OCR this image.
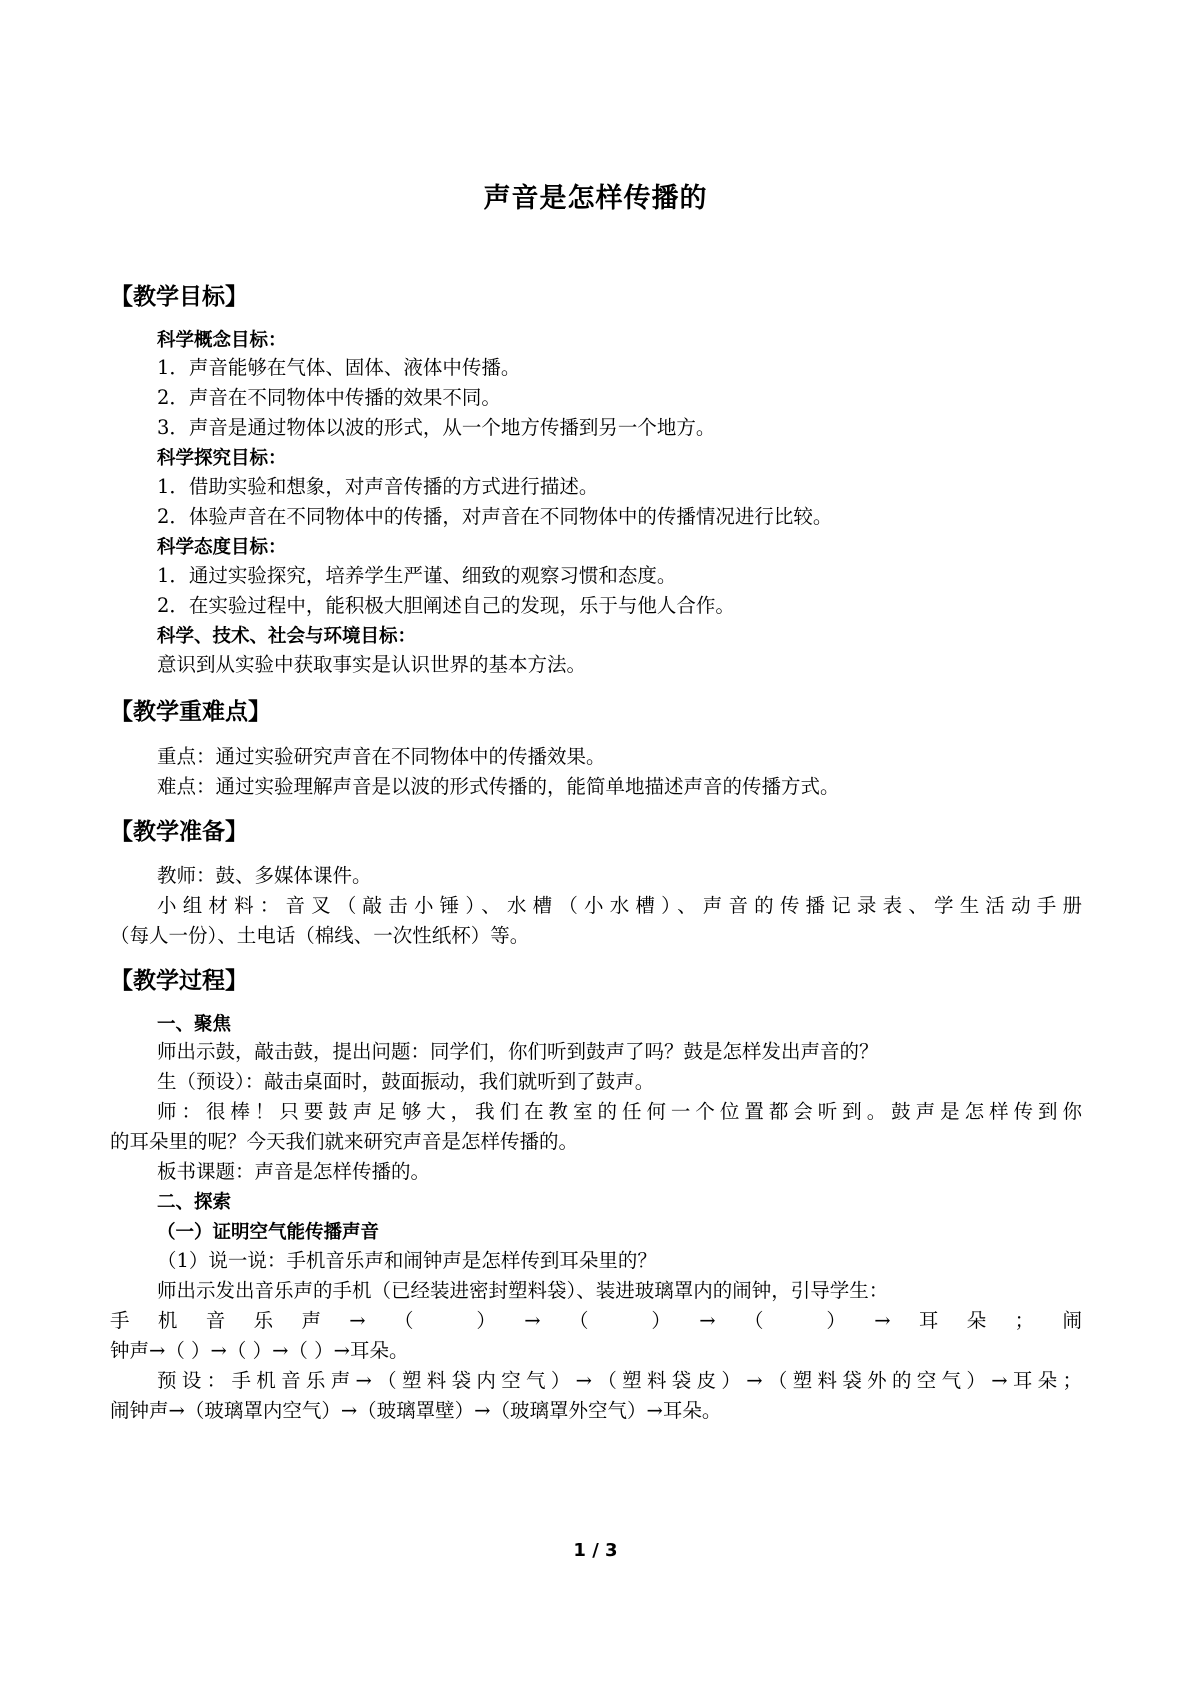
声音是怎样传播的
【教学目标】
科学概念目标：
1．声音能够在气体、固体、液体中传播。
2．声音在不同物体中传播的效果不同。
3．声音是通过物体以波的形式，从一个地方传播到另一个地方。
科学探究目标：
1．借助实验和想象，对声音传播的方式进行描述。
2．体验声音在不同物体中的传播，对声音在不同物体中的传播情况进行比较。
科学态度目标：
1．通过实验探究，培养学生严谨、细致的观察习惯和态度。
2．在实验过程中，能积极大胆阐述自己的发现，乐于与他人合作。
科学、技术、社会与环境目标：
意识到从实验中获取事实是认识世界的基本方法。
【教学重难点】
重点：通过实验研究声音在不同物体中的传播效果。
难点：通过实验理解声音是以波的形式传播的，能简单地描述声音的传播方式。
【教学准备】
教师：鼓、多媒体课件。
小组材料：音叉（敲击小锤）、水槽（小水槽）、声音的传播记录表、学生活动手册
（每人一份）、土电话（棉线、一次性纸杯）等。
【教学过程】
一、聚焦
师出示鼓，敲击鼓，提出问题：同学们，你们听到鼓声了吗？鼓是怎样发出声音的？
生（预设）：敲击桌面时，鼓面振动，我们就听到了鼓声。
师：很棒！只要鼓声足够大，我们在教室的任何一个位置都会听到。鼓声是怎样传到你
的耳朵里的呢？今天我们就来研究声音是怎样传播的。
板书课题：声音是怎样传播的。
二、探索
（一）证明空气能传播声音
（1）说一说：手机音乐声和闹钟声是怎样传到耳朵里的？
师出示发出音乐声的手机（已经装进密封塑料袋）、装进玻璃罩内的闹钟，引导学生：
手机音乐声→（ ）→（ ）→（ ）→耳朵；闹
钟声→（ ）→（ ）→（ ）→耳朵。
预设：手机音乐声→（塑料袋内空气）→（塑料袋皮）→（塑料袋外的空气）→耳朵；
闹钟声→（玻璃罩内空气）→（玻璃罩壁）→（玻璃罩外空气）→耳朵。
1 / 3
